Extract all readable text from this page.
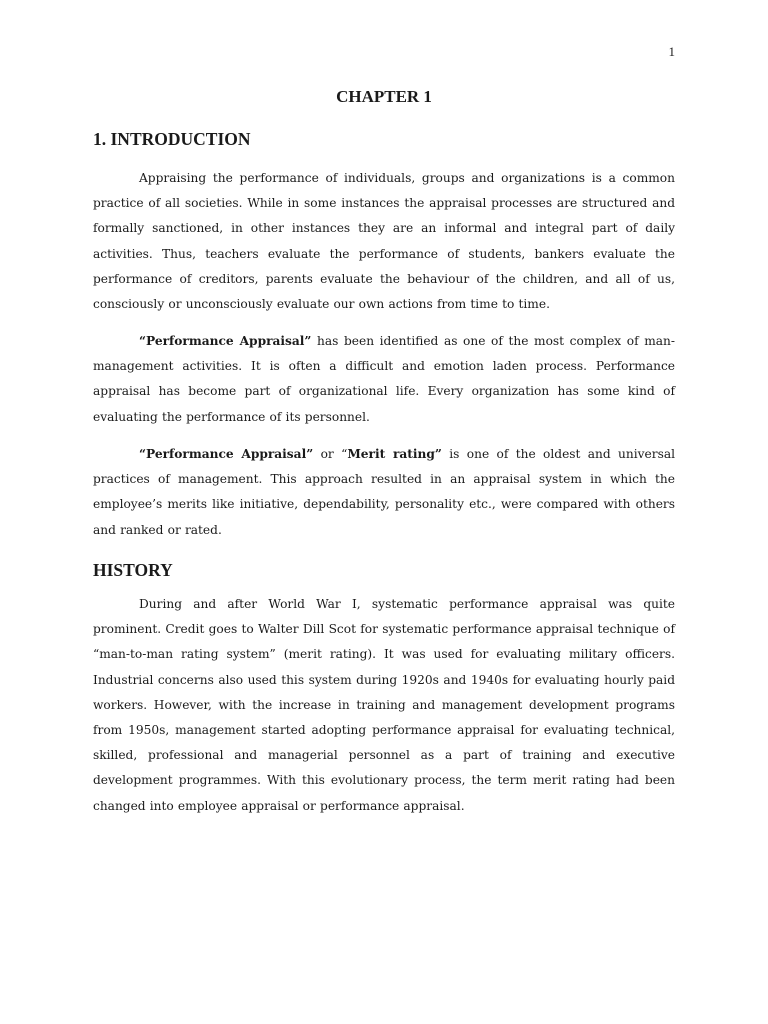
1
CHAPTER 1
1. INTRODUCTION

Appraising the performance of individuals, groups and organizations is a common practice of all societies. While in some instances the appraisal processes are structured and formally sanctioned, in other instances they are an informal and integral part of daily activities. Thus, teachers evaluate the performance of students, bankers evaluate the performance of creditors, parents evaluate the behaviour of the children, and all of us, consciously or unconsciously evaluate our own actions from time to time.

“Performance Appraisal” has been identified as one of the most complex of man-management activities. It is often a difficult and emotion laden process. Performance appraisal has become part of organizational life. Every organization has some kind of evaluating the performance of its personnel.

“Performance Appraisal” or “Merit rating” is one of the oldest and universal practices of management. This approach resulted in an appraisal system in which the employee’s merits like initiative, dependability, personality etc., were compared with others and ranked or rated.

HISTORY

During and after World War I, systematic performance appraisal was quite prominent. Credit goes to Walter Dill Scot for systematic performance appraisal technique of “man-to-man rating system” (merit rating). It was used for evaluating military officers. Industrial concerns also used this system during 1920s and 1940s for evaluating hourly paid workers. However, with the increase in training and management development programs from 1950s, management started adopting performance appraisal for evaluating technical, skilled, professional and managerial personnel as a part of training and executive development programmes. With this evolutionary process, the term merit rating had been changed into employee appraisal or performance appraisal.
